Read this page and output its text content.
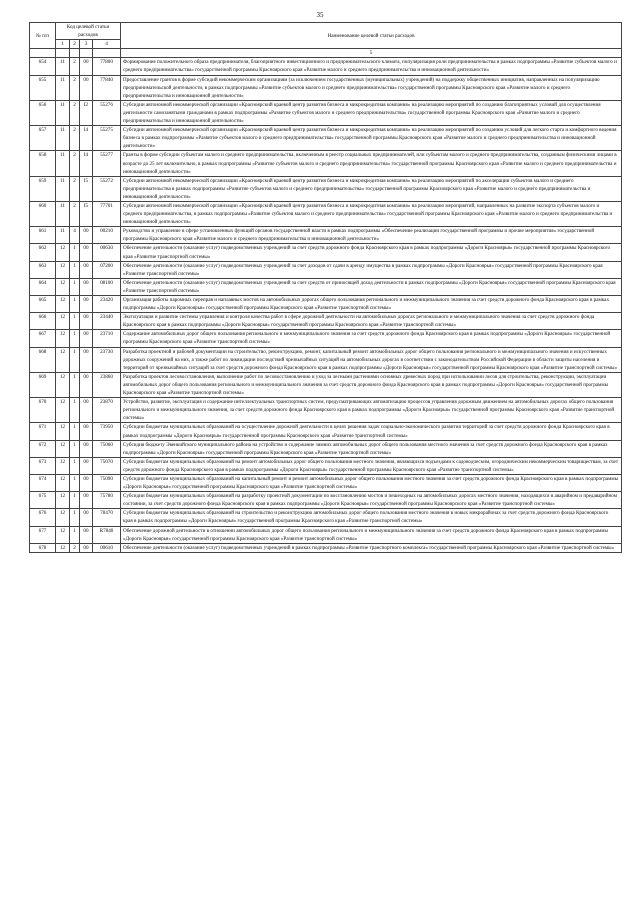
35
№ п/п	Код целевой статьи расходов				Наименование целевой статьи расходов
	1	2	3	4	
					5
654	11	2	00	77800	Формирование положительного образа предпринимателя, благоприятного инвестиционного и предпринимательского климата, популяризация роли предпринимательства в рамках подпрограммы «Развитие субъектов малого и среднего предпринимательства» государственной программы Красноярского края «Развитие малого и среднего предпринимательства и инновационной деятельности»
655	11	2	00	77840	Предоставление грантов в форме субсидий некоммерческим организациям (за исключением государственных (муниципальных) учреждений) на поддержку общественных инициатив, направленных на популяризацию предпринимательской деятельности, в рамках подпрограммы «Развитие субъектов малого и среднего предпринимательства» государственной программы Красноярского края «Развитие малого и среднего предпринимательства и инновационной деятельности»
656	11	2	I2	55276	Субсидии автономной некоммерческой организации «Красноярский краевой центр развития бизнеса и микрокредитная компания» на реализацию мероприятий по созданию благоприятных условий для осуществления деятельности самозанятыми гражданами в рамках подпрограммы «Развитие субъектов малого и среднего предпринимательства» государственной программы Красноярского края «Развитие малого и среднего предпринимательства и инновационной деятельности»
657	11	2	I4	55275	Субсидии автономной некоммерческой организации «Красноярский краевой центр развития бизнеса и микрокредитная компания» на реализацию мероприятий по созданию условий для легкого старта и комфортного ведения бизнеса в рамках подпрограммы «Развитие субъектов малого и среднего предпринимательства» государственной программы Красноярского края «Развитие малого и среднего предпринимательства и инновационной деятельности»
658	11	2	I4	55277	Гранты в форме субсидии субъектам малого и среднего предпринимательства, включенным в реестр социальных предпринимателей, или субъектам малого и среднего предпринимательства, созданным физическими лицами в возрасте до 25 лет включительно, в рамках подпрограммы «Развитие субъектов малого и среднего предпринимательства» государственной программы Красноярского края «Развитие малого и среднего предпринимательства и инновационной деятельности»
659	11	2	I5	55272	Субсидии автономной некоммерческой организации «Красноярский краевой центр развития бизнеса и микрокредитная компания» на реализацию мероприятий по акселерации субъектов малого и среднего предпринимательства в рамках подпрограммы «Развитие субъектов малого и среднего предпринимательства» государственной программы Красноярского края «Развитие малого и среднего предпринимательства и инновационной деятельности»
660	11	2	I5	77701	Субсидии автономной некоммерческой организации «Красноярский краевой центр развития бизнеса и микрокредитная компания» на реализацию мероприятий, направленных на развитие экспорта субъектов малого и среднего предпринимательства, в рамках подпрограммы «Развитие субъектов малого и среднего предпринимательства» государственной программы Красноярского края «Развитие малого и среднего предпринимательства и инновационной деятельности»
661	11	4	00	00210	Руководство и управление в сфере установленных функций органов государственной власти в рамках подпрограммы «Обеспечение реализации государственной программы и прочие мероприятия» государственной программы Красноярского края «Развитие малого и среднего предпринимательства и инновационной деятельности»
662	12	1	00	00630	Обеспечение деятельности (оказание услуг) подведомственных учреждений за счет средств дорожного фонда Красноярского края в рамках подпрограммы «Дороги Красноярья» государственной программы Красноярского края «Развитие транспортной системы»
663	12	1	00	07200	Обеспечение деятельности (оказание услуг) подведомственных учреждений за счет доходов от сдачи в аренду имущества в рамках подпрограммы «Дороги Красноярья» государственной программы Красноярского края «Развитие транспортной системы»
664	12	1	00	08100	Обеспечение деятельности (оказание услуг) подведомственных учреждений за счет средств от приносящей доход деятельности в рамках подпрограммы «Дороги Красноярья» государственной программы Красноярского края «Развитие транспортной системы»
665	12	1	00	23420	Организация работы паромных переправ и наплавных мостов на автомобильных дорогах общего пользования регионального и межмуниципального значения за счет средств дорожного фонда Красноярского края в рамках подпрограммы «Дороги Красноярья» государственной программы Красноярского края «Развитие транспортной системы»
666	12	1	00	23440	Эксплуатация и развитие системы управления и контроля качества работ в сфере дорожной деятельности на автомобильных дорогах регионального и межмуниципального значения за счет средств дорожного фонда Красноярского края в рамках подпрограммы «Дороги Красноярья» государственной программы Красноярского края «Развитие транспортной системы»
667	12	1	00	23710	Содержание автомобильных дорог общего пользования регионального и межмуниципального значения за счет средств дорожного фонда Красноярского края в рамках подпрограммы «Дороги Красноярья» государственной программы Красноярского края «Развитие транспортной системы»
668	12	1	00	23730	Разработка проектной и рабочей документации на строительство, реконструкцию, ремонт, капитальный ремонт автомобильных дорог общего пользования регионального и межмуниципального значения и искусственных дорожных сооружений на них, а также работ по ликвидации последствий чрезвычайных ситуаций на автомобильных дорогах в соответствии с законодательством Российской Федерации в области защиты населения и территорий от чрезвычайных ситуаций за счет средств дорожного фонда Красноярского края в рамках подпрограммы «Дороги Красноярья» государственной программы Красноярского края «Развитие транспортной системы»
669	12	1	00	23860	Разработка проектов лесовосстановления, выполнение работ по лесовосстановлению и уход за лесными растениями основных древесных пород при использовании лесов для строительства, реконструкции, эксплуатации автомобильных дорог общего пользования регионального и межмуниципального значения за счет средств дорожного фонда Красноярского края в рамках подпрограммы «Дороги Красноярья» государственной программы Красноярского края «Развитие транспортной системы»
670	12	1	00	23870	Устройство, развитие, эксплуатация и содержание интеллектуальных транспортных систем, предусматривающих автоматизацию процессов управления дорожным движением на автомобильных дорогах общего пользования регионального и межмуниципального значения, за счет средств дорожного фонда Красноярского края в рамках подпрограммы «Дороги Красноярья» государственной программы Красноярского края «Развитие транспортной системы»
671	12	1	00	73950	Субсидии бюджетам муниципальных образований на осуществление дорожной деятельности в целях решения задач социально-экономического развития территорий за счет средств дорожного фонда Красноярского края в рамках подпрограммы «Дороги Красноярья» государственной программы Красноярского края «Развитие транспортной системы»
672	12	1	00	75060	Субсидия бюджету Эвенкийского муниципального района на устройство и содержание зимних автомобильных дорог общего пользования местного значения за счет средств дорожного фонда Красноярского края в рамках подпрограммы «Дороги Красноярья» государственной программы Красноярского края «Развитие транспортной системы»
673	12	1	00	75070	Субсидии бюджетам муниципальных образований на ремонт автомобильных дорог общего пользования местного значения, являющихся подъездами к садоводческим, огородническим некоммерческим товариществам, за счет средств дорожного фонда Красноярского края в рамках подпрограммы «Дороги Красноярья» государственной программы Красноярского края «Развитие транспортной системы»
674	12	1	00	75090	Субсидии бюджетам муниципальных образований на капитальный ремонт и ремонт автомобильных дорог общего пользования местного значения за счет средств дорожного фонда Красноярского края в рамках подпрограммы «Дороги Красноярья» государственной программы Красноярского края «Развитие транспортной системы»
675	12	1	00	75780	Субсидии бюджетам муниципальных образований на разработку проектной документации по восстановлению мостов и пешеходных на автомобильных дорогах местного значения, находящихся в аварийном и предаварийном состоянии, за счет средств дорожного фонда Красноярского края в рамках подпрограммы «Дороги Красноярья» государственной программы Красноярского края «Развитие транспортной системы»
676	12	1	00	78470	Субсидии бюджетам муниципальных образований на строительство и реконструкцию автомобильных дорог общего пользования местного значения в новых микрорайонах за счет средств дорожного фонда Красноярского края в рамках подпрограммы «Дороги Красноярья» государственной программы Красноярского края «Развитие транспортной системы»
677	12	1	00	R7840	Обеспечение дорожной деятельности в отношении автомобильных дорог общего пользования регионального и межмуниципального значения за счет средств дорожного фонда Красноярского края в рамках подпрограммы «Дороги Красноярья» государственной программы Красноярского края «Развитие транспортной системы»
678	12	2	00	00610	Обеспечение деятельности (оказание услуг) подведомственных учреждений в рамках подпрограммы «Развитие транспортного комплекса» государственной программы Красноярского края «Развитие транспортной системы»
